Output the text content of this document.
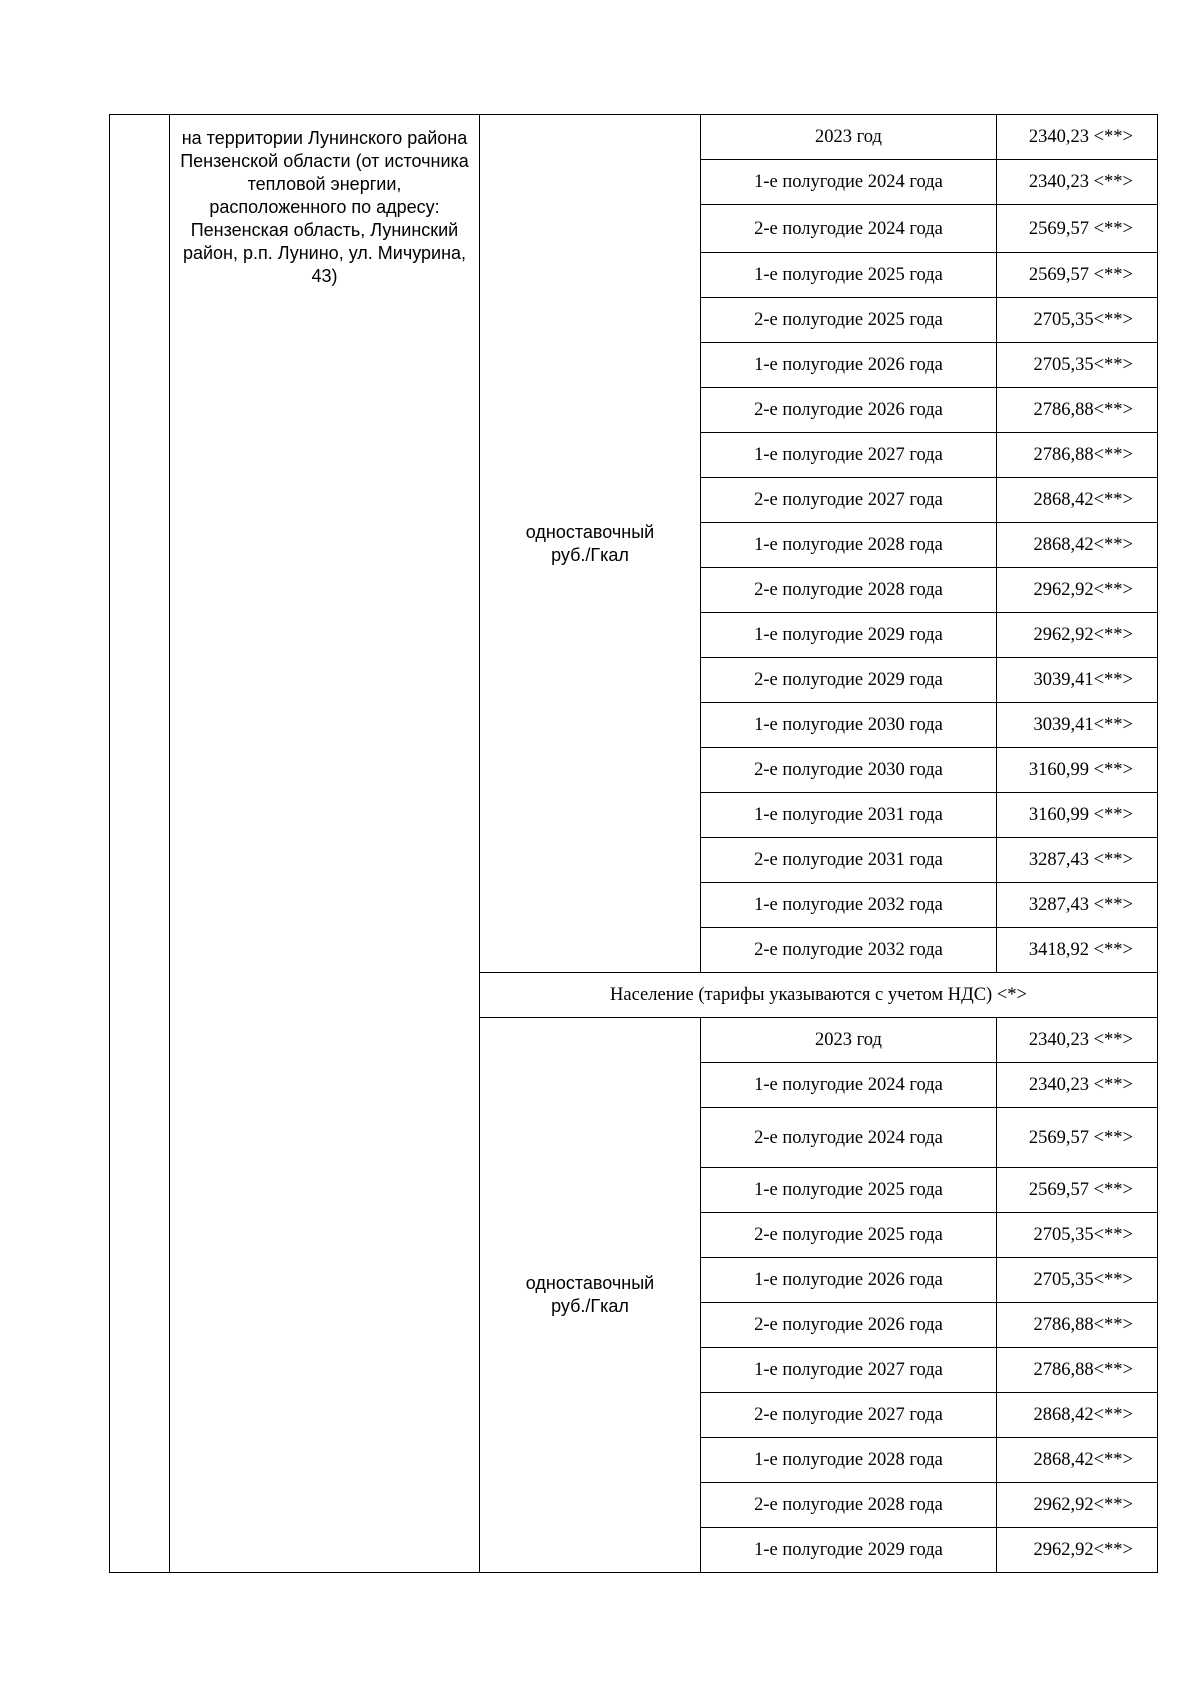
	на территории Лунинского района Пензенской области (от источника тепловой энергии, расположенного по адресу: Пензенская область, Лунинский район, р.п. Лунино, ул. Мичурина, 43)	одноставочный
руб./Гкал	2023 год	2340,23 <**>
			1-е полугодие 2024 года	2340,23 <**>
			2-е полугодие 2024 года	2569,57 <**>
			1-е полугодие 2025 года	2569,57 <**>
			2-е полугодие 2025 года	2705,35<**>
			1-е полугодие 2026 года	2705,35<**>
			2-е полугодие 2026 года	2786,88<**>
			1-е полугодие 2027 года	2786,88<**>
			2-е полугодие 2027 года	2868,42<**>
			1-е полугодие 2028 года	2868,42<**>
			2-е полугодие 2028 года	2962,92<**>
			1-е полугодие 2029 года	2962,92<**>
			2-е полугодие 2029 года	3039,41<**>
			1-е полугодие 2030 года	3039,41<**>
			2-е полугодие 2030 года	3160,99 <**>
			1-е полугодие 2031 года	3160,99 <**>
			2-е полугодие 2031 года	3287,43 <**>
			1-е полугодие 2032 года	3287,43 <**>
			2-е полугодие 2032 года	3418,92 <**>
		Население (тарифы указываются с учетом НДС) <*>		

		одноставочный
руб./Гкал	2023 год	2340,23 <**>
			1-е полугодие 2024 года	2340,23 <**>
			2-е полугодие 2024 года	2569,57 <**>
			1-е полугодие 2025 года	2569,57 <**>
			2-е полугодие 2025 года	2705,35<**>
			1-е полугодие 2026 года	2705,35<**>
			2-е полугодие 2026 года	2786,88<**>
			1-е полугодие 2027 года	2786,88<**>
			2-е полугодие 2027 года	2868,42<**>
			1-е полугодие 2028 года	2868,42<**>
			2-е полугодие 2028 года	2962,92<**>
			1-е полугодие 2029 года	2962,92<**>
